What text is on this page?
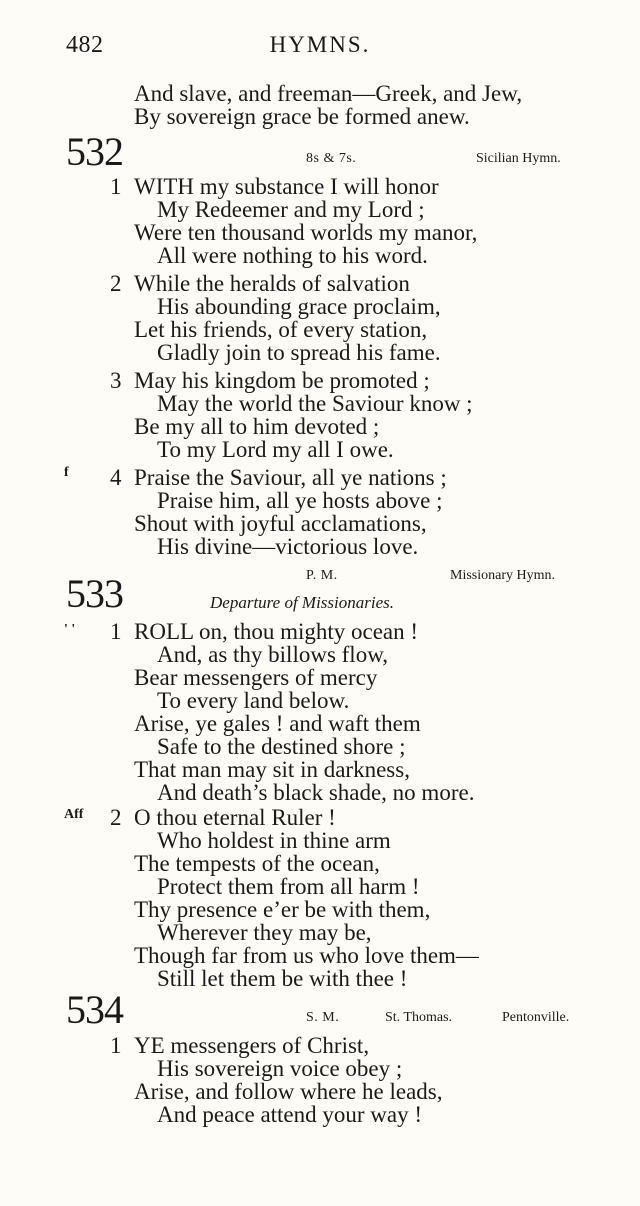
482	HYMNS.
And slave, and freeman—Greek, and Jew,
By sovereign grace be formed anew.
532	8s & 7s.	Sicilian Hymn.
1 WITH my substance I will honor
My Redeemer and my Lord ;
Were ten thousand worlds my manor,
All were nothing to his word.
2 While the heralds of salvation
His abounding grace proclaim,
Let his friends, of every station,
Gladly join to spread his fame.
3 May his kingdom be promoted ;
May the world the Saviour know ;
Be my all to him devoted ;
To my Lord my all I owe.
f 4 Praise the Saviour, all ye nations ;
Praise him, all ye hosts above ;
Shout with joyful acclamations,
His divine—victorious love.
P. M.	Missionary Hymn.
533	Departure of Missionaries.
' ' 1 ROLL on, thou mighty ocean !
And, as thy billows flow,
Bear messengers of mercy
To every land below.
Arise, ye gales ! and waft them
Safe to the destined shore ;
That man may sit in darkness,
And death’s black shade, no more.
Aff 2 O thou eternal Ruler !
Who holdest in thine arm
The tempests of the ocean,
Protect them from all harm !
Thy presence e’er be with them,
Wherever they may be,
Though far from us who love them—
Still let them be with thee !
534	S. M.	St. Thomas.	Pentonville.
1 YE messengers of Christ,
His sovereign voice obey ;
Arise, and follow where he leads,
And peace attend your way !
